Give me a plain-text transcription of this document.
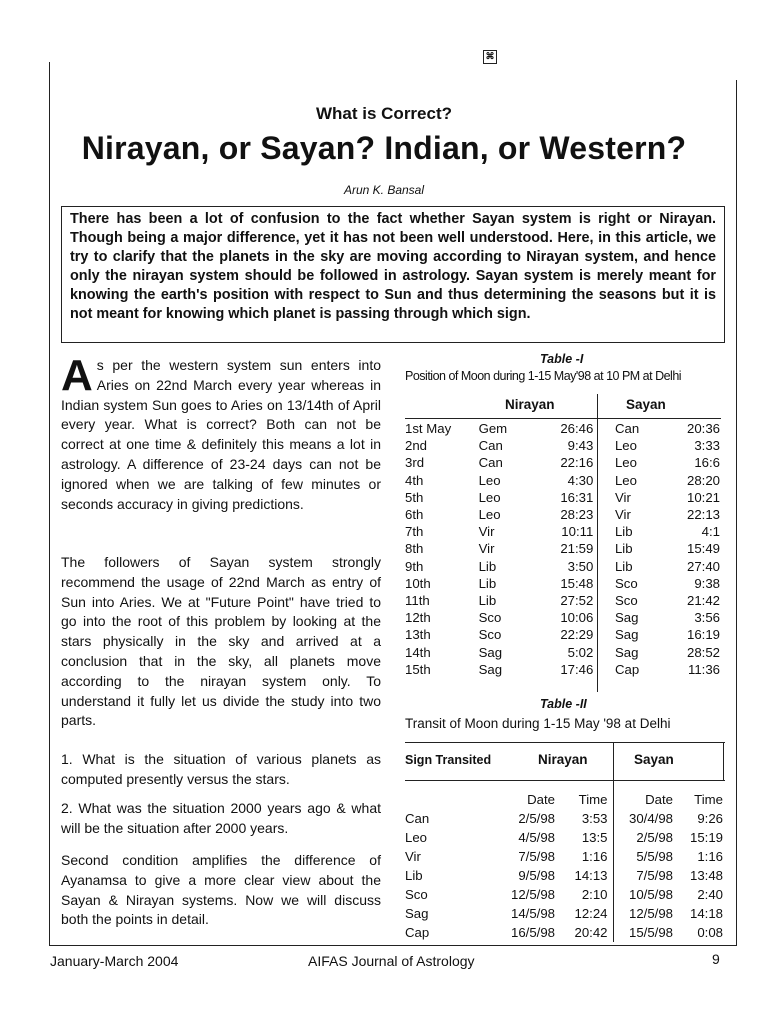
⌘
What is Correct?
Nirayan, or Sayan? Indian, or Western?
Arun K. Bansal
There has been a lot of confusion to the fact whether Sayan system is right or Nirayan. Though being a major difference, yet it has not been well understood. Here, in this article, we try to clarify that the planets in the sky are moving according to Nirayan system, and hence only the nirayan system should be followed in astrology. Sayan system is merely meant for knowing the earth's position with respect to Sun and thus determining the seasons but it is not meant for knowing which planet is passing through which sign.
As per the western system sun enters into Aries on 22nd March every year whereas in Indian system Sun goes to Aries on 13/14th of April every year. What is correct? Both can not be correct at one time & definitely this means a lot in astrology. A difference of 23-24 days can not be ignored when we are talking of few minutes or seconds accuracy in giving predictions.
The followers of Sayan system strongly recommend the usage of 22nd March as entry of Sun into Aries. We at "Future Point" have tried to go into the root of this problem by looking at the stars physically in the sky and arrived at a conclusion that in the sky, all planets move according to the nirayan system only. To understand it fully let us divide the study into two parts.
1. What is the situation of various planets as computed presently versus the stars.
2. What was the situation 2000 years ago & what will be the situation after 2000 years.
Second condition amplifies the difference of Ayanamsa to give a more clear view about the Sayan & Nirayan systems. Now we will discuss both the points in detail.
Table -I
Position of Moon during 1-15 May'98 at 10 PM at Delhi
Nirayan	Sayan
1st May	Gem	26:46		Can	20:36
2nd	Can	9:43		Leo	3:33
3rd	Can	22:16		Leo	16:6
4th	Leo	4:30		Leo	28:20
5th	Leo	16:31		Vir	10:21
6th	Leo	28:23		Vir	22:13
7th	Vir	10:11		Lib	4:1
8th	Vir	21:59		Lib	15:49
9th	Lib	3:50		Lib	27:40
10th	Lib	15:48		Sco	9:38
11th	Lib	27:52		Sco	21:42
12th	Sco	10:06		Sag	3:56
13th	Sco	22:29		Sag	16:19
14th	Sag	5:02		Sag	28:52
15th	Sag	17:46		Cap	11:36
Table -II
Transit of Moon during 1-15 May '98 at Delhi
Sign Transited	Nirayan	Sayan
	Date	Time	Date	Time
Can	2/5/98	3:53	30/4/98	9:26
Leo	4/5/98	13:5	2/5/98	15:19
Vir	7/5/98	1:16	5/5/98	1:16
Lib	9/5/98	14:13	7/5/98	13:48
Sco	12/5/98	2:10	10/5/98	2:40
Sag	14/5/98	12:24	12/5/98	14:18
Cap	16/5/98	20:42	15/5/98	0:08
January-March 2004	AIFAS Journal of Astrology	9
